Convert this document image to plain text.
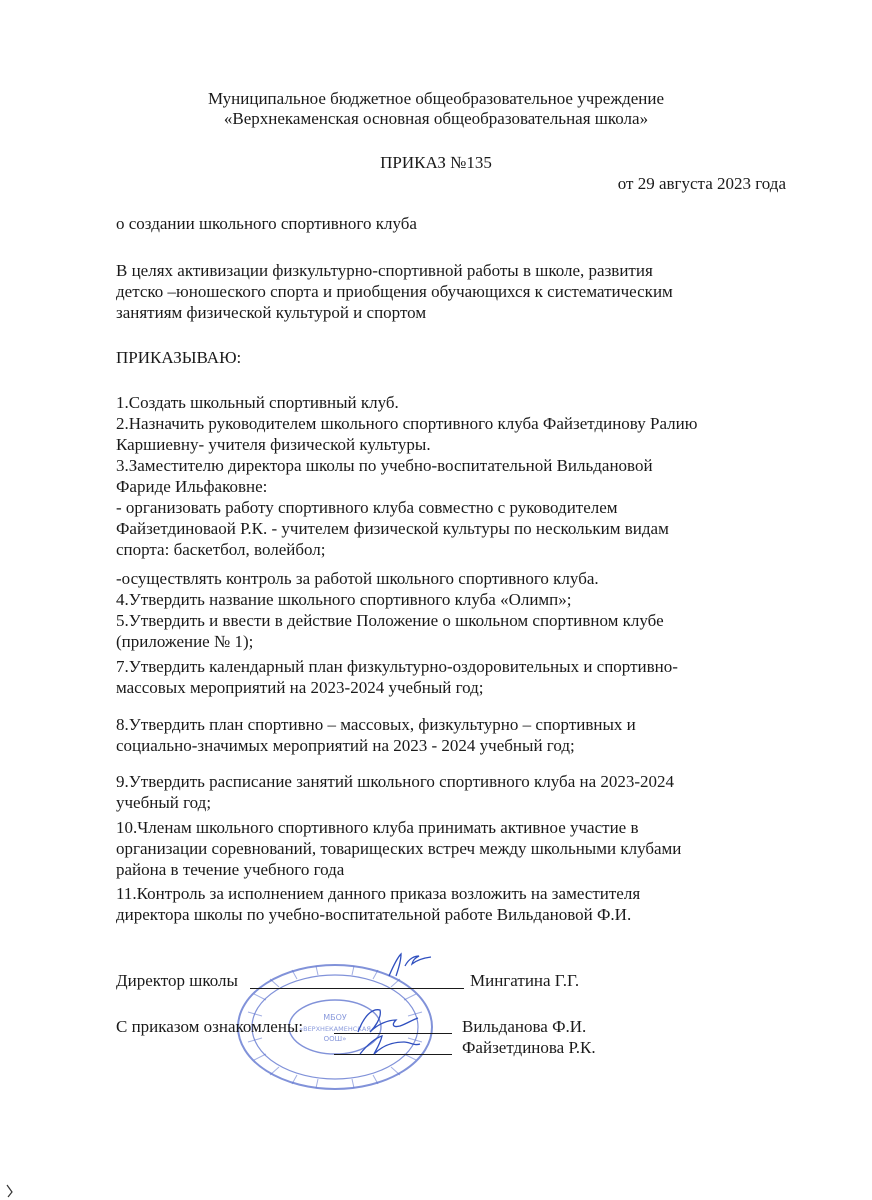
Муниципальное бюджетное общеобразовательное учреждение
«Верхнекаменская основная общеобразовательная школа»
ПРИКАЗ №135
от 29 августа 2023 года
о создании школьного спортивного клуба
В целях активизации физкультурно-спортивной работы в школе, развития
детско –юношеского спорта и приобщения обучающихся к систематическим
занятиям физической культурой и спортом
ПРИКАЗЫВАЮ:
1.Создать школьный спортивный клуб.
2.Назначить руководителем школьного спортивного клуба Файзетдинову Ралию
Каршиевну- учителя физической культуры.
3.Заместителю директора школы по учебно-воспитательной Вильдановой
Фариде Ильфаковне:
- организовать работу спортивного клуба совместно с руководителем
Файзетдиноваой Р.К. - учителем физической культуры по нескольким видам
спорта: баскетбол, волейбол;
-осуществлять контроль за работой школьного спортивного клуба.
4.Утвердить название школьного спортивного клуба «Олимп»;
5.Утвердить и ввести в действие Положение о школьном спортивном клубе
(приложение № 1);
7.Утвердить календарный план физкультурно-оздоровительных и спортивно-
массовых мероприятий на 2023-2024 учебный год;
8.Утвердить план спортивно – массовых, физкультурно – спортивных и
социально-значимых мероприятий на 2023 - 2024 учебный год;
9.Утвердить расписание занятий школьного спортивного клуба на 2023-2024
учебный год;
10.Членам школьного спортивного клуба принимать активное участие в
организации соревнований, товарищеских встреч между школьными клубами
района в течение учебного года
11.Контроль за исполнением данного приказа возложить на заместителя
директора школы по учебно-воспитательной работе Вильдановой Ф.И.
МБОУ
«ВЕРХНЕКАМЕНСКАЯ
ООШ»
Директор школы	Мингатина Г.Г.
С приказом ознакомлены:	Вильданова Ф.И.
Файзетдинова Р.К.
